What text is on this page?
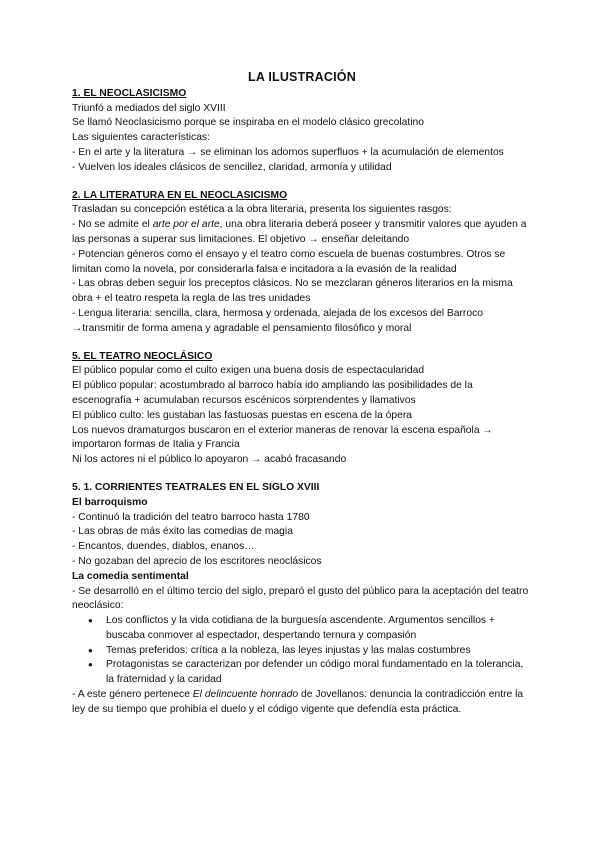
LA ILUSTRACIÓN
1. EL NEOCLASICISMO
Triunfó a mediados del siglo XVIII
Se llamó Neoclasicismo porque se inspiraba en el modelo clásico grecolatino
Las siguientes características:
- En el arte y la literatura → se eliminan los adornos superfluos + la acumulación de elementos
- Vuelven los ideales clásicos de sencillez, claridad, armonía y utilidad
2. LA LITERATURA EN EL NEOCLASICISMO
Trasladan su concepción estética a la obra literaria, presenta los siguientes rasgos:
- No se admite el arte por el arte, una obra literaria deberá poseer y transmitir valores que ayuden a las personas a superar sus limitaciones. El objetivo → enseñar deleitando
- Potencian géneros como el ensayo y el teatro como escuela de buenas costumbres. Otros se limitan como la novela, por considerarla falsa e incitadora a la evasión de la realidad
- Las obras deben seguir los preceptos clásicos. No se mezclaran géneros literarios en la misma obra + el teatro respeta la regla de las tres unidades
- Lengua literaria: sencilla, clara, hermosa y ordenada, alejada de los excesos del Barroco →transmitir de forma amena y agradable el pensamiento filosófico y moral
5. EL TEATRO NEOCLÁSICO
El público popular como el culto exigen una buena dosis de espectacularidad
El público popular: acostumbrado al barroco había ido ampliando las posibilidades de la escenografía + acumulaban recursos escénicos sorprendentes y llamativos
El público culto: les gustaban las fastuosas puestas en escena de la ópera
Los nuevos dramaturgos buscaron en el exterior maneras de renovar la escena española → importaron formas de Italia y Francia
Ni los actores ni el público lo apoyaron → acabó fracasando
5. 1. CORRIENTES TEATRALES EN EL SIGLO XVIII
El barroquismo
- Continuó la tradición del teatro barroco hasta 1780
- Las obras de más éxito las comedias de magia
- Encantos, duendes, diablos, enanos…
- No gozaban del aprecio de los escritores neoclásicos
La comedia sentimental
- Se desarrolló en el último tercio del siglo, preparó el gusto del público para la aceptación del teatro neoclásico:
● Los conflictos y la vida cotidiana de la burguesía ascendente. Argumentos sencillos + buscaba conmover al espectador, despertando ternura y compasión
● Temas preferidos: crítica a la nobleza, las leyes injustas y las malas costumbres
● Protagonistas se caracterizan por defender un código moral fundamentado en la tolerancia, la fraternidad y la caridad
- A este género pertenece El delincuente honrado de Jovellanos: denuncia la contradicción entre la ley de su tiempo que prohibía el duelo y el código vigente que defendía esta práctica.
